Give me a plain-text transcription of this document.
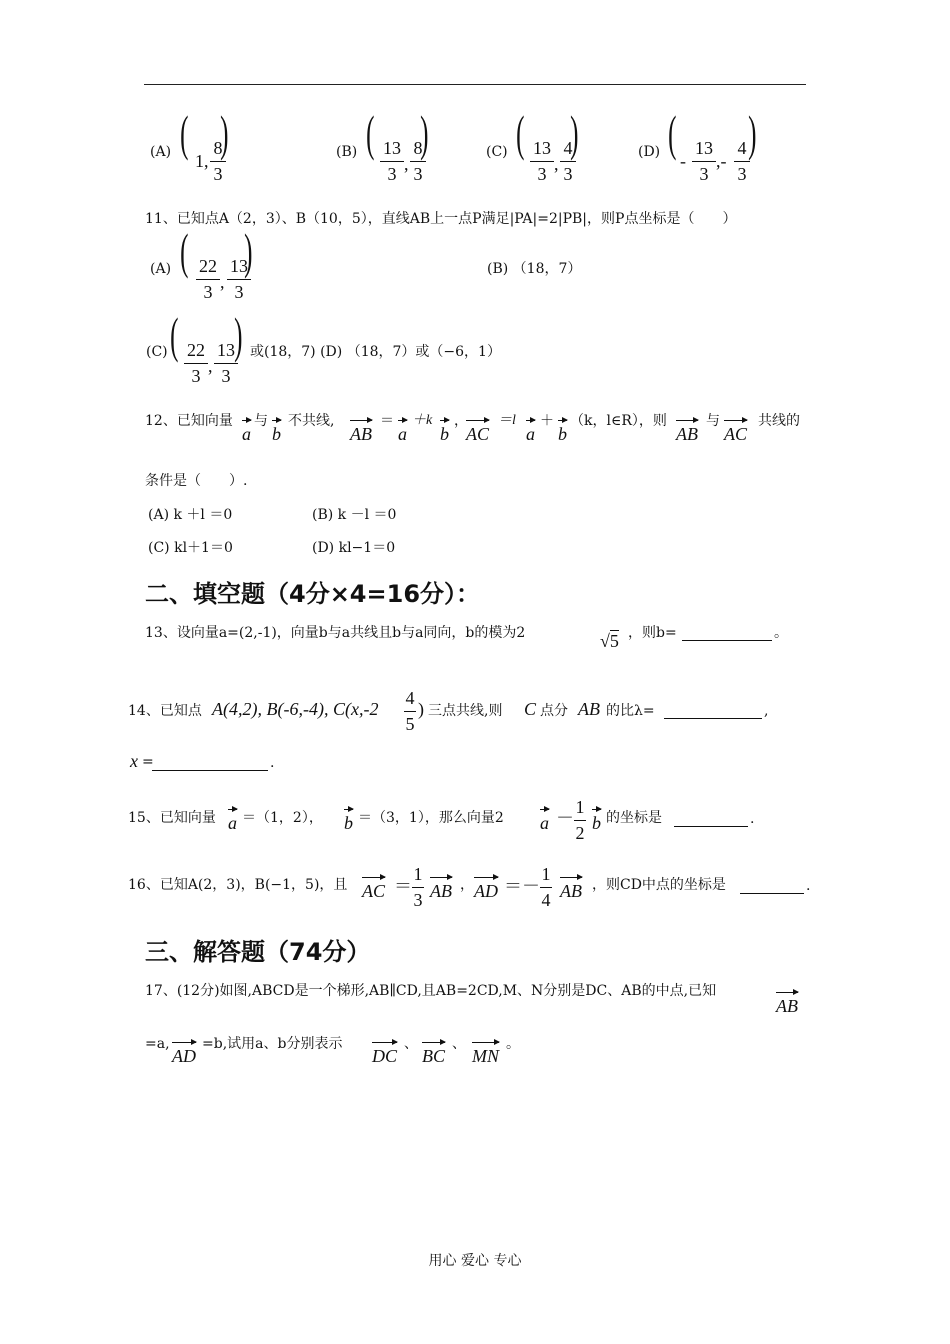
(A) ( 1,
8
3
)	(B) ( 13
3 ,
8
3
)	(C) ( 13
3 ,
4
3
)	(D) ( -
13
3
,-
4
3
)
11、已知点A（2，3）、B（10，5），直线AB上一点P满足|PA|=2|PB|，则P点坐标是（　　）
(A) ( 22
3 ,
13
3
)	(B) （18，7）
(C) ( 22
3 ,
13
3
) 或(18，7) (D) （18，7）或（−6，1）
12、已知向量
a
与
b
不共线,
AB
＝
a
＋k
b
，
AC
＝l
a
＋
b
（k，l∈R），则
AB
与
AC
共线的
条件是（　　）.
(A) k ＋l ＝0	(B) k －l ＝0
(C) kl＋1＝0	(D) kl−1＝0
二、填空题（4分×4=16分）：
13、设向量a=(2,-1)，向量b与a共线且b与a同向，b的模为2	√5 ，则b=	。
14、已知点 A(4,2), B(-6,-4), C(x,-2
4
5
) 三点共线,则 C 点分 AB 的比λ=	,
x =	.
15、已知向量 a ＝（1，2）， b ＝（3，1），那么向量2 a －
1
2 b 的坐标是	.
16、已知A(2，3)，B(−1，5)，且 AC ＝
1
3 AB ， AD ＝－
1
4 AB ，则CD中点的坐标是	.
三、解答题（74分）
17、(12分)如图,ABCD是一个梯形,AB∥CD,且AB=2CD,M、N分别是DC、AB的中点,已知
AB
=a,
AD
=b,试用a、b分别表示
DC
、
BC
、
MN
。
用心 爱心 专心
